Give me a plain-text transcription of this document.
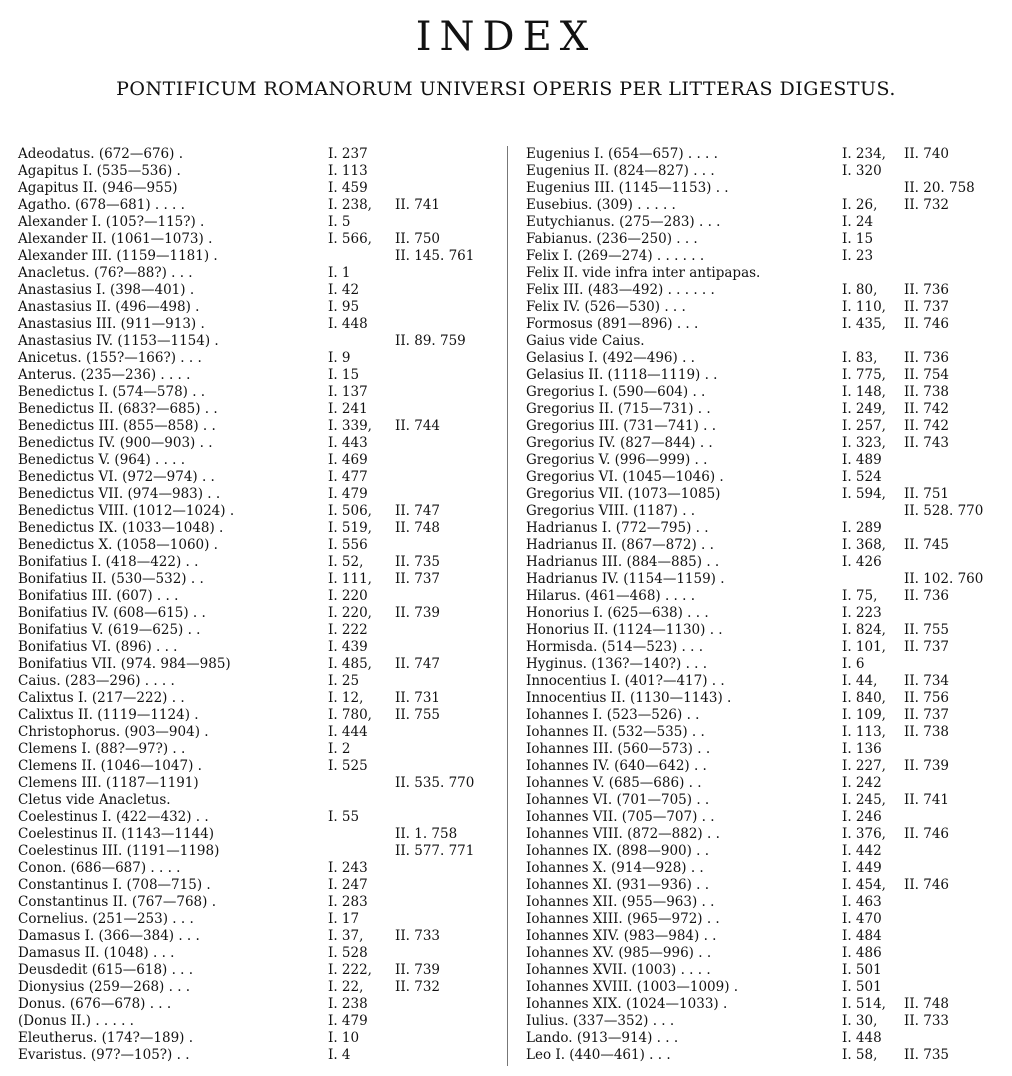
INDEX
PONTIFICUM ROMANORUM UNIVERSI OPERIS PER LITTERAS DIGESTUS.
Adeodatus. (672—676) .	I. 237
Agapitus I. (535—536) .	I. 113
Agapitus II. (946—955)	I. 459
Agatho. (678—681) . . . .	I. 238, II. 741
Alexander I. (105?—115?) .	I. 5
Alexander II. (1061—1073) .	I. 566, II. 750
Alexander III. (1159—1181) .	II. 145. 761
Anacletus. (76?—88?) . . .	I. 1
Anastasius I. (398—401) .	I. 42
Anastasius II. (496—498) .	I. 95
Anastasius III. (911—913) .	I. 448
Anastasius IV. (1153—1154) .	II. 89. 759
Anicetus. (155?—166?) . . .	I. 9
Anterus. (235—236) . . . .	I. 15
Benedictus I. (574—578) . .	I. 137
Benedictus II. (683?—685) . .	I. 241
Benedictus III. (855—858) . .	I. 339, II. 744
Benedictus IV. (900—903) . .	I. 443
Benedictus V. (964) . . . .	I. 469
Benedictus VI. (972—974) . .	I. 477
Benedictus VII. (974—983) . .	I. 479
Benedictus VIII. (1012—1024) .	I. 506, II. 747
Benedictus IX. (1033—1048) .	I. 519, II. 748
Benedictus X. (1058—1060) .	I. 556
Bonifatius I. (418—422) . .	I. 52, II. 735
Bonifatius II. (530—532) . .	I. 111, II. 737
Bonifatius III. (607) . . .	I. 220
Bonifatius IV. (608—615) . .	I. 220, II. 739
Bonifatius V. (619—625) . .	I. 222
Bonifatius VI. (896) . . .	I. 439
Bonifatius VII. (974. 984—985)	I. 485, II. 747
Caius. (283—296) . . . .	I. 25
Calixtus I. (217—222) . .	I. 12, II. 731
Calixtus II. (1119—1124) .	I. 780, II. 755
Christophorus. (903—904) .	I. 444
Clemens I. (88?—97?) . .	I. 2
Clemens II. (1046—1047) .	I. 525
Clemens III. (1187—1191)	II. 535. 770
Cletus vide Anacletus.
Coelestinus I. (422—432) . .	I. 55
Coelestinus II. (1143—1144)	II. 1. 758
Coelestinus III. (1191—1198)	II. 577. 771
Conon. (686—687) . . . .	I. 243
Constantinus I. (708—715) .	I. 247
Constantinus II. (767—768) .	I. 283
Cornelius. (251—253) . . .	I. 17
Damasus I. (366—384) . . .	I. 37, II. 733
Damasus II. (1048) . . .	I. 528
Deusdedit (615—618) . . .	I. 222, II. 739
Dionysius (259—268) . . .	I. 22, II. 732
Donus. (676—678) . . .	I. 238
(Donus II.) . . . . .	I. 479
Eleutherus. (174?—189) .	I. 10
Evaristus. (97?—105?) . .	I. 4
Eugenius I. (654—657) . . . .	I. 234, II. 740
Eugenius II. (824—827) . . .	I. 320
Eugenius III. (1145—1153) . .	II. 20. 758
Eusebius. (309) . . . . .	I. 26, II. 732
Eutychianus. (275—283) . . .	I. 24
Fabianus. (236—250) . . .	I. 15
Felix I. (269—274) . . . . . .	I. 23
Felix II. vide infra inter antipapas.
Felix III. (483—492) . . . . . .	I. 80, II. 736
Felix IV. (526—530) . . .	I. 110, II. 737
Formosus (891—896) . . .	I. 435, II. 746
Gaius vide Caius.
Gelasius I. (492—496) . .	I. 83, II. 736
Gelasius II. (1118—1119) . .	I. 775, II. 754
Gregorius I. (590—604) . .	I. 148, II. 738
Gregorius II. (715—731) . .	I. 249, II. 742
Gregorius III. (731—741) . .	I. 257, II. 742
Gregorius IV. (827—844) . .	I. 323, II. 743
Gregorius V. (996—999) . .	I. 489
Gregorius VI. (1045—1046) .	I. 524
Gregorius VII. (1073—1085)	I. 594, II. 751
Gregorius VIII. (1187) . .	II. 528. 770
Hadrianus I. (772—795) . .	I. 289
Hadrianus II. (867—872) . .	I. 368, II. 745
Hadrianus III. (884—885) . .	I. 426
Hadrianus IV. (1154—1159) .	II. 102. 760
Hilarus. (461—468) . . . .	I. 75, II. 736
Honorius I. (625—638) . . .	I. 223
Honorius II. (1124—1130) . .	I. 824, II. 755
Hormisda. (514—523) . . .	I. 101, II. 737
Hyginus. (136?—140?) . . .	I. 6
Innocentius I. (401?—417) . .	I. 44, II. 734
Innocentius II. (1130—1143) .	I. 840, II. 756
Iohannes I. (523—526) . .	I. 109, II. 737
Iohannes II. (532—535) . .	I. 113, II. 738
Iohannes III. (560—573) . .	I. 136
Iohannes IV. (640—642) . .	I. 227, II. 739
Iohannes V. (685—686) . .	I. 242
Iohannes VI. (701—705) . .	I. 245, II. 741
Iohannes VII. (705—707) . .	I. 246
Iohannes VIII. (872—882) . .	I. 376, II. 746
Iohannes IX. (898—900) . .	I. 442
Iohannes X. (914—928) . .	I. 449
Iohannes XI. (931—936) . .	I. 454, II. 746
Iohannes XII. (955—963) . .	I. 463
Iohannes XIII. (965—972) . .	I. 470
Iohannes XIV. (983—984) . .	I. 484
Iohannes XV. (985—996) . .	I. 486
Iohannes XVII. (1003) . . . .	I. 501
Iohannes XVIII. (1003—1009) .	I. 501
Iohannes XIX. (1024—1033) .	I. 514, II. 748
Iulius. (337—352) . . .	I. 30, II. 733
Lando. (913—914) . . .	I. 448
Leo I. (440—461) . . .	I. 58, II. 735
